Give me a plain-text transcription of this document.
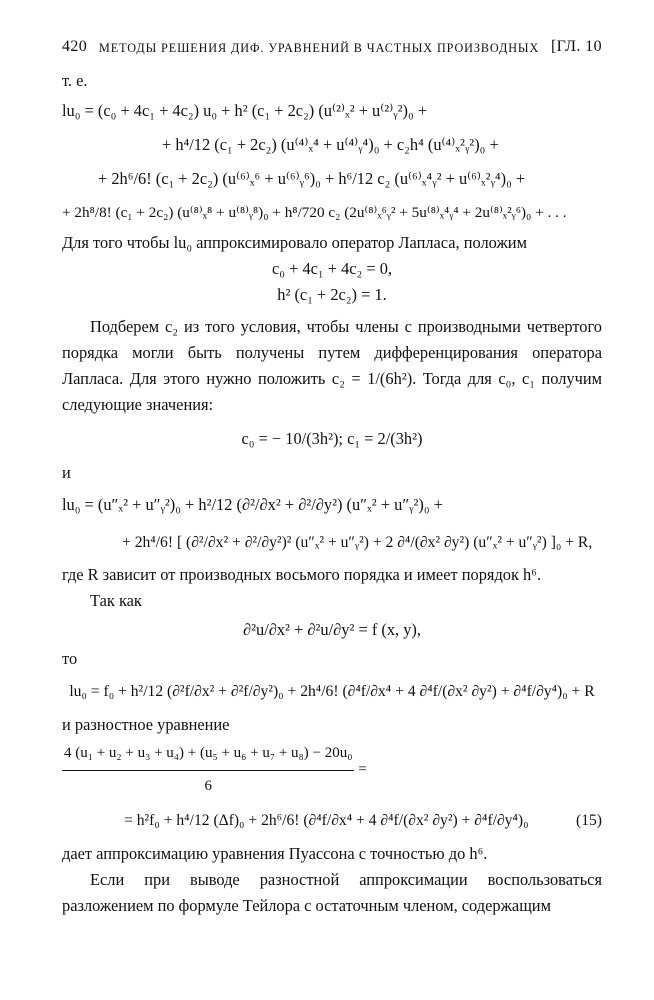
420 МЕТОДЫ РЕШЕНИЯ ДИФ. УРАВНЕНИЙ В ЧАСТНЫХ ПРОИЗВОДНЫХ [ГЛ. 10

т. е.

lu₀ = (c₀ + 4c₁ + 4c₂) u₀ + h² (c₁ + 2c₂) (u⁽²⁾ₓ² + u⁽²⁾ᵧ²)₀ +

+ h⁴/12 (c₁ + 2c₂) (u⁽⁴⁾ₓ⁴ + u⁽⁴⁾ᵧ⁴)₀ + c₂h⁴ (u⁽⁴⁾ₓ²ᵧ²)₀ +

+ 2h⁶/6! (c₁ + 2c₂) (u⁽⁶⁾ₓ⁶ + u⁽⁶⁾ᵧ⁶)₀ + h⁶/12 c₂ (u⁽⁶⁾ₓ⁴ᵧ² + u⁽⁶⁾ₓ²ᵧ⁴)₀ +

+ 2h⁸/8! (c₁ + 2c₂) (u⁽⁸⁾ₓ⁸ + u⁽⁸⁾ᵧ⁸)₀ + h⁸/720 c₂ (2u⁽⁸⁾ₓ⁶ᵧ² + 5u⁽⁸⁾ₓ⁴ᵧ⁴ + 2u⁽⁸⁾ₓ²ᵧ⁶)₀ + . . .

Для того чтобы lu₀ аппроксимировало оператор Лапласа, положим

c₀ + 4c₁ + 4c₂ = 0,

h² (c₁ + 2c₂) = 1.

Подберем c₂ из того условия, чтобы члены с производными четвертого порядка могли быть получены путем дифференцирования оператора Лапласа. Для этого нужно положить c₂ = 1/(6h²). Тогда для c₀, c₁ получим следующие значения:

c₀ = − 10/(3h²); c₁ = 2/(3h²)

и

lu₀ = (u″ₓ² + u″ᵧ²)₀ + h²/12 (∂²/∂x² + ∂²/∂y²) (u″ₓ² + u″ᵧ²)₀ +

+ 2h⁴/6! [ (∂²/∂x² + ∂²/∂y²)² (u″ₓ² + u″ᵧ²) + 2 ∂⁴/(∂x² ∂y²) (u″ₓ² + u″ᵧ²) ]₀ + R,

где R зависит от производных восьмого порядка и имеет порядок h⁶.

Так как

∂²u/∂x² + ∂²u/∂y² = f (x, y),

то

lu₀ = f₀ + h²/12 (∂²f/∂x² + ∂²f/∂y²)₀ + 2h⁴/6! (∂⁴f/∂x⁴ + 4 ∂⁴f/(∂x² ∂y²) + ∂⁴f/∂y⁴)₀ + R

и разностное уравнение

$\frac{\text{4 (u₁ + u₂ + u₃ + u₄) + (u₅ + u₆ + u₇ + u₈) − 20u₀}}{6}$ =

= h²f₀ + h⁴/12 (Δf)₀ + 2h⁶/6! (∂⁴f/∂x⁴ + 4 ∂⁴f/(∂x² ∂y²) + ∂⁴f/∂y⁴)₀	(15)

дает аппроксимацию уравнения Пуассона с точностью до h⁶.

Если при выводе разностной аппроксимации воспользоваться разложением по формуле Тейлора с остаточным членом, содержащим
